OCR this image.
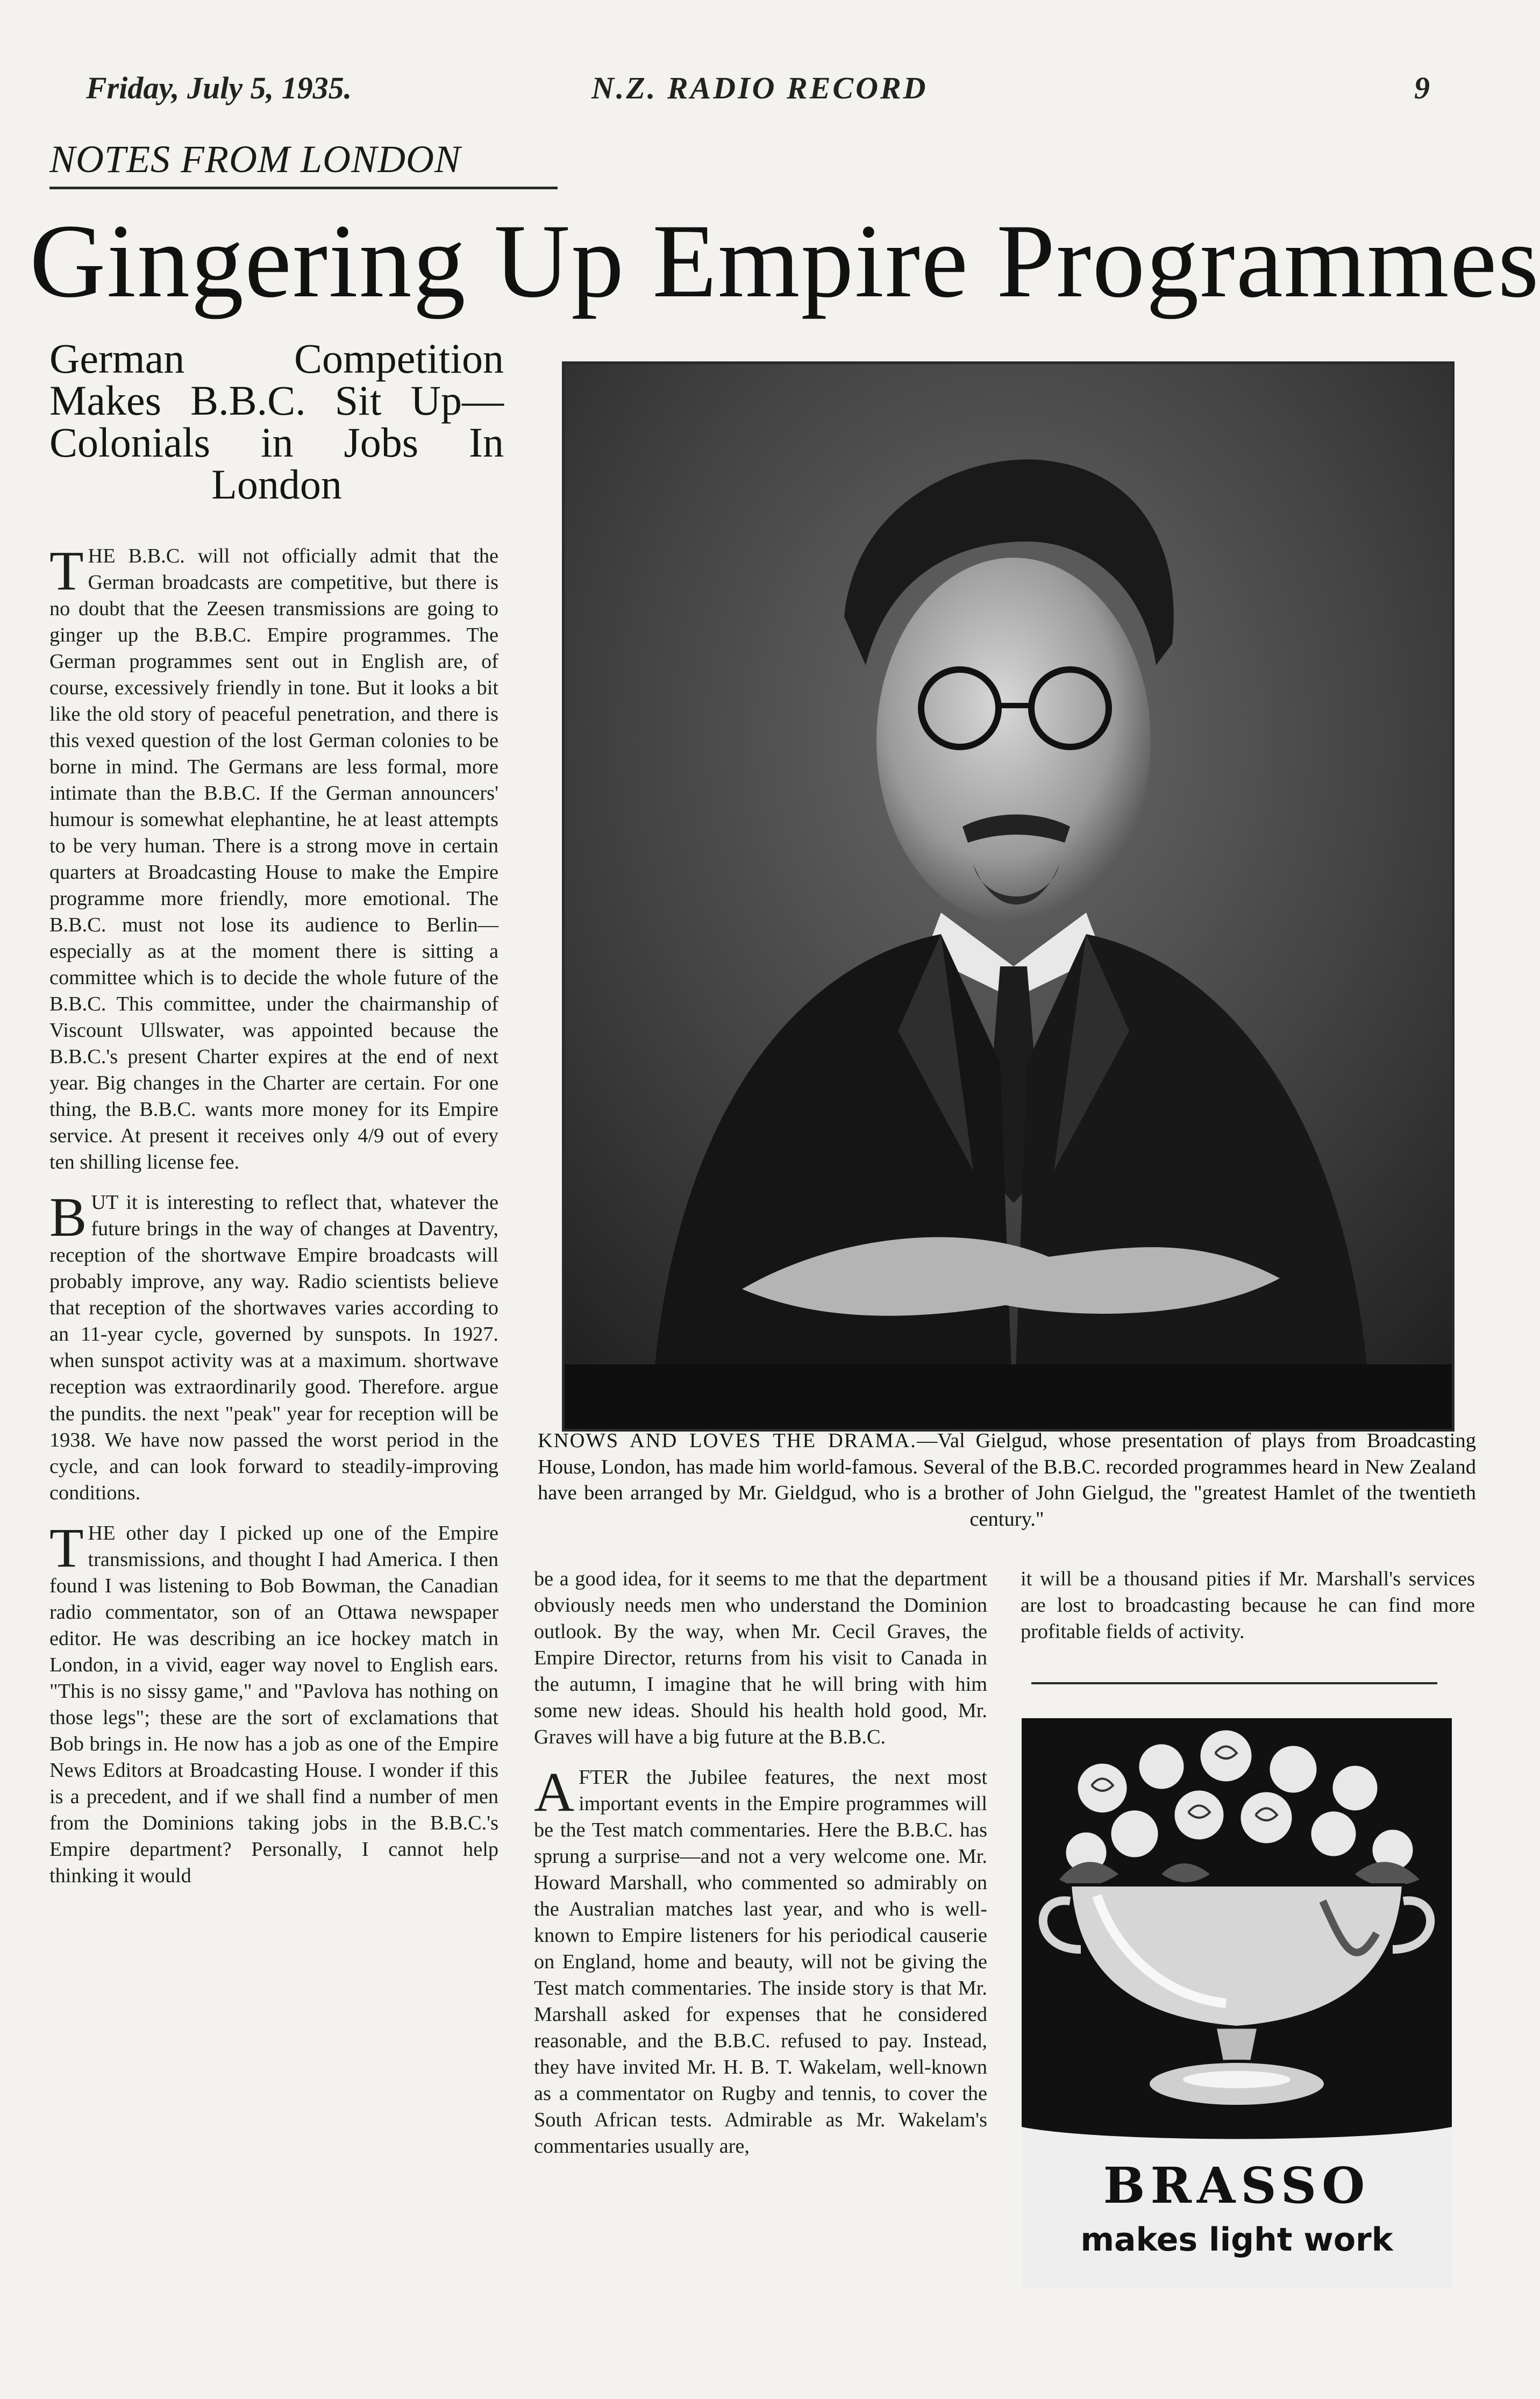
Friday, July 5, 1935.	N.Z. RADIO RECORD	9
NOTES FROM LONDON
Gingering Up Empire Programmes
German Competition Makes B.B.C. Sit Up— Colonials in Jobs In London

THE B.B.C. will not officially admit that the German broadcasts are competitive, but there is no doubt that the Zeesen transmissions are going to ginger up the B.B.C. Empire programmes. The German programmes sent out in English are, of course, excessively friendly in tone. But it looks a bit like the old story of peaceful penetration, and there is this vexed question of the lost German colonies to be borne in mind. The Germans are less formal, more intimate than the B.B.C. If the German announcers' humour is somewhat elephantine, he at least attempts to be very human. There is a strong move in certain quarters at Broadcasting House to make the Empire programme more friendly, more emotional. The B.B.C. must not lose its audience to Berlin—especially as at the moment there is sitting a committee which is to decide the whole future of the B.B.C. This committee, under the chairmanship of Viscount Ullswater, was appointed because the B.B.C.'s present Charter expires at the end of next year. Big changes in the Charter are certain. For one thing, the B.B.C. wants more money for its Empire service. At present it receives only 4/9 out of every ten shilling license fee.

BUT it is interesting to reflect that, whatever the future brings in the way of changes at Daventry, reception of the shortwave Empire broadcasts will probably improve, any way. Radio scientists believe that reception of the shortwaves varies according to an 11-year cycle, governed by sunspots. In 1927. when sunspot activity was at a maximum. shortwave reception was extraordinarily good. Therefore. argue the pundits. the next "peak" year for reception will be 1938. We have now passed the worst period in the cycle, and can look forward to steadily-improving conditions.

THE other day I picked up one of the Empire transmissions, and thought I had America. I then found I was listening to Bob Bowman, the Canadian radio commentator, son of an Ottawa newspaper editor. He was describing an ice hockey match in London, in a vivid, eager way novel to English ears. "This is no sissy game," and "Pavlova has nothing on those legs"; these are the sort of exclamations that Bob brings in. He now has a job as one of the Empire News Editors at Broadcasting House. I wonder if this is a precedent, and if we shall find a number of men from the Dominions taking jobs in the B.B.C.'s Empire department? Personally, I cannot help thinking it would

KNOWS AND LOVES THE DRAMA.—Val Gielgud, whose presentation of plays from Broadcasting House, London, has made him world-famous. Several of the B.B.C. recorded programmes heard in New Zealand have been arranged by Mr. Gieldgud, who is a brother of John Gielgud, the "greatest Hamlet of the twentieth century."

be a good idea, for it seems to me that the department obviously needs men who understand the Dominion outlook. By the way, when Mr. Cecil Graves, the Empire Director, returns from his visit to Canada in the autumn, I imagine that he will bring with him some new ideas. Should his health hold good, Mr. Graves will have a big future at the B.B.C.

AFTER the Jubilee features, the next most important events in the Empire programmes will be the Test match commentaries. Here the B.B.C. has sprung a surprise—and not a very welcome one. Mr. Howard Marshall, who commented so admirably on the Australian matches last year, and who is well-known to Empire listeners for his periodical causerie on England, home and beauty, will not be giving the Test match commentaries. The inside story is that Mr. Marshall asked for expenses that he considered reasonable, and the B.B.C. refused to pay. Instead, they have invited Mr. H. B. T. Wakelam, well-known as a commentator on Rugby and tennis, to cover the South African tests. Admirable as Mr. Wakelam's commentaries usually are,

it will be a thousand pities if Mr. Marshall's services are lost to broadcasting because he can find more profitable fields of activity.

BRASSO
makes light work
